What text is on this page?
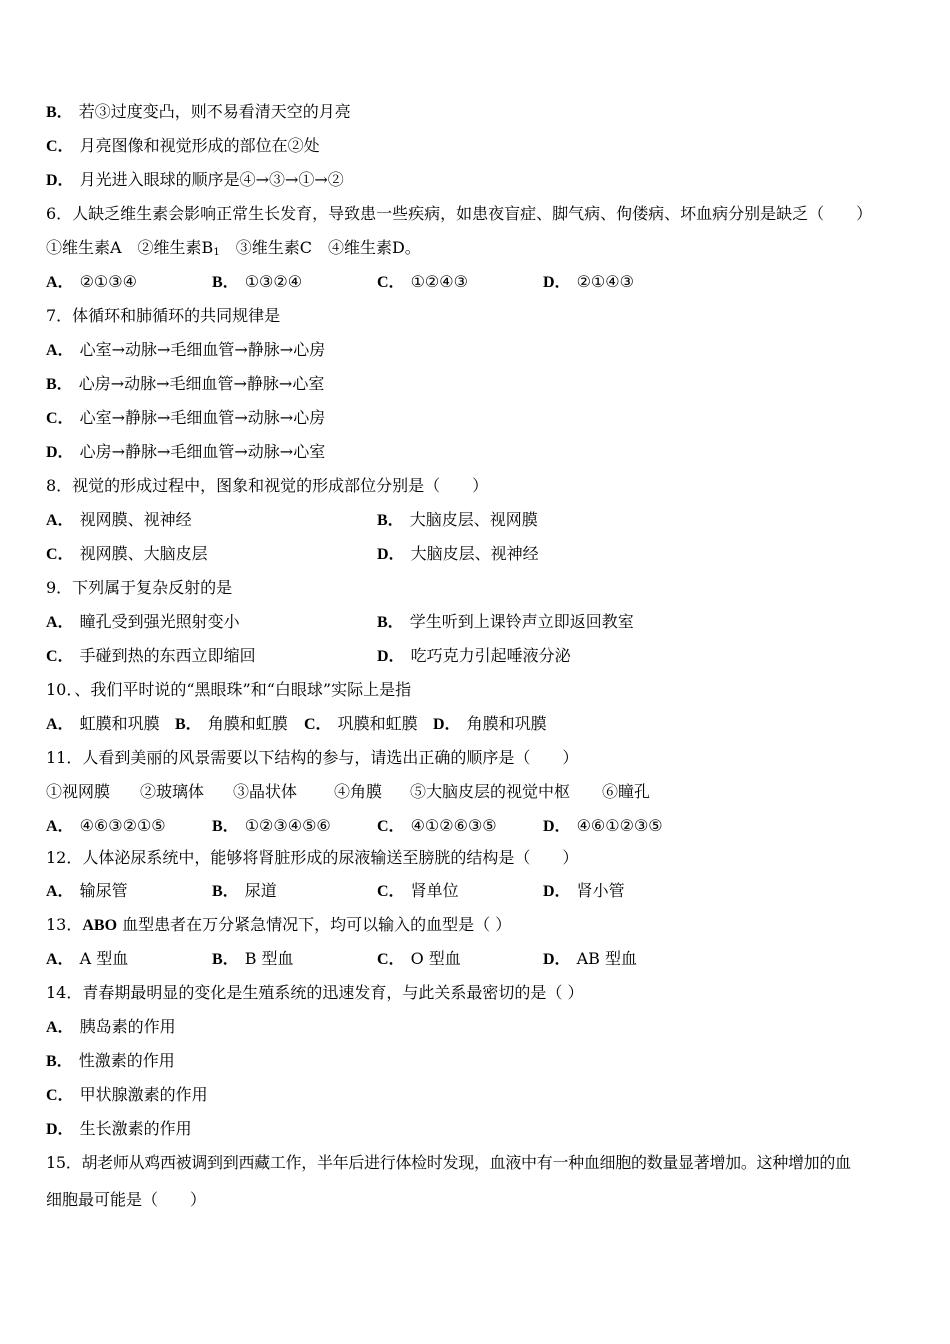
B． 若③过度变凸，则不易看清天空的月亮
C． 月亮图像和视觉形成的部位在②处
D． 月光进入眼球的顺序是④→③→①→②
6．人缺乏维生素会影响正常生长发育，导致患一些疾病，如患夜盲症、脚气病、佝偻病、坏血病分别是缺乏（　　）
①维生素A　②维生素$B_1$　③维生素C　④维生素D。
A． ②①③④	B． ①③②④	C． ①②④③	D． ②①④③
7．体循环和肺循环的共同规律是
A． 心室→动脉→毛细血管→静脉→心房
B． 心房→动脉→毛细血管→静脉→心室
C． 心室→静脉→毛细血管→动脉→心房
D． 心房→静脉→毛细血管→动脉→心室
8．视觉的形成过程中，图象和视觉的形成部位分别是（　　）
A． 视网膜、视神经	B． 大脑皮层、视网膜
C． 视网膜、大脑皮层	D． 大脑皮层、视神经
9．下列属于复杂反射的是
A． 瞳孔受到强光照射变小	B． 学生听到上课铃声立即返回教室
C． 手碰到热的东西立即缩回	D． 吃巧克力引起唾液分泌
10．、我们平时说的“黑眼珠”和“白眼球”实际上是指
A． 虹膜和巩膜 B． 角膜和虹膜 C． 巩膜和虹膜 D． 角膜和巩膜
11．人看到美丽的风景需要以下结构的参与，请选出正确的顺序是（　　）
①视网膜 ②玻璃体 ③晶状体 ④角膜 ⑤大脑皮层的视觉中枢 ⑥瞳孔
A． ④⑥③②①⑤	B． ①②③④⑤⑥	C． ④①②⑥③⑤	D． ④⑥①②③⑤
12．人体泌尿系统中，能够将肾脏形成的尿液输送至膀胱的结构是（　　）
A． 输尿管	B． 尿道	C． 肾单位	D． 肾小管
13．ABO 血型患者在万分紧急情况下，均可以输入的血型是（ ）
A． A 型血	B． B 型血	C． O 型血	D． AB 型血
14．青春期最明显的变化是生殖系统的迅速发育，与此关系最密切的是（ ）
A． 胰岛素的作用
B． 性激素的作用
C． 甲状腺激素的作用
D． 生长激素的作用
15．胡老师从鸡西被调到到西藏工作，半年后进行体检时发现，血液中有一种血细胞的数量显著增加。这种增加的血
细胞最可能是（　　）
